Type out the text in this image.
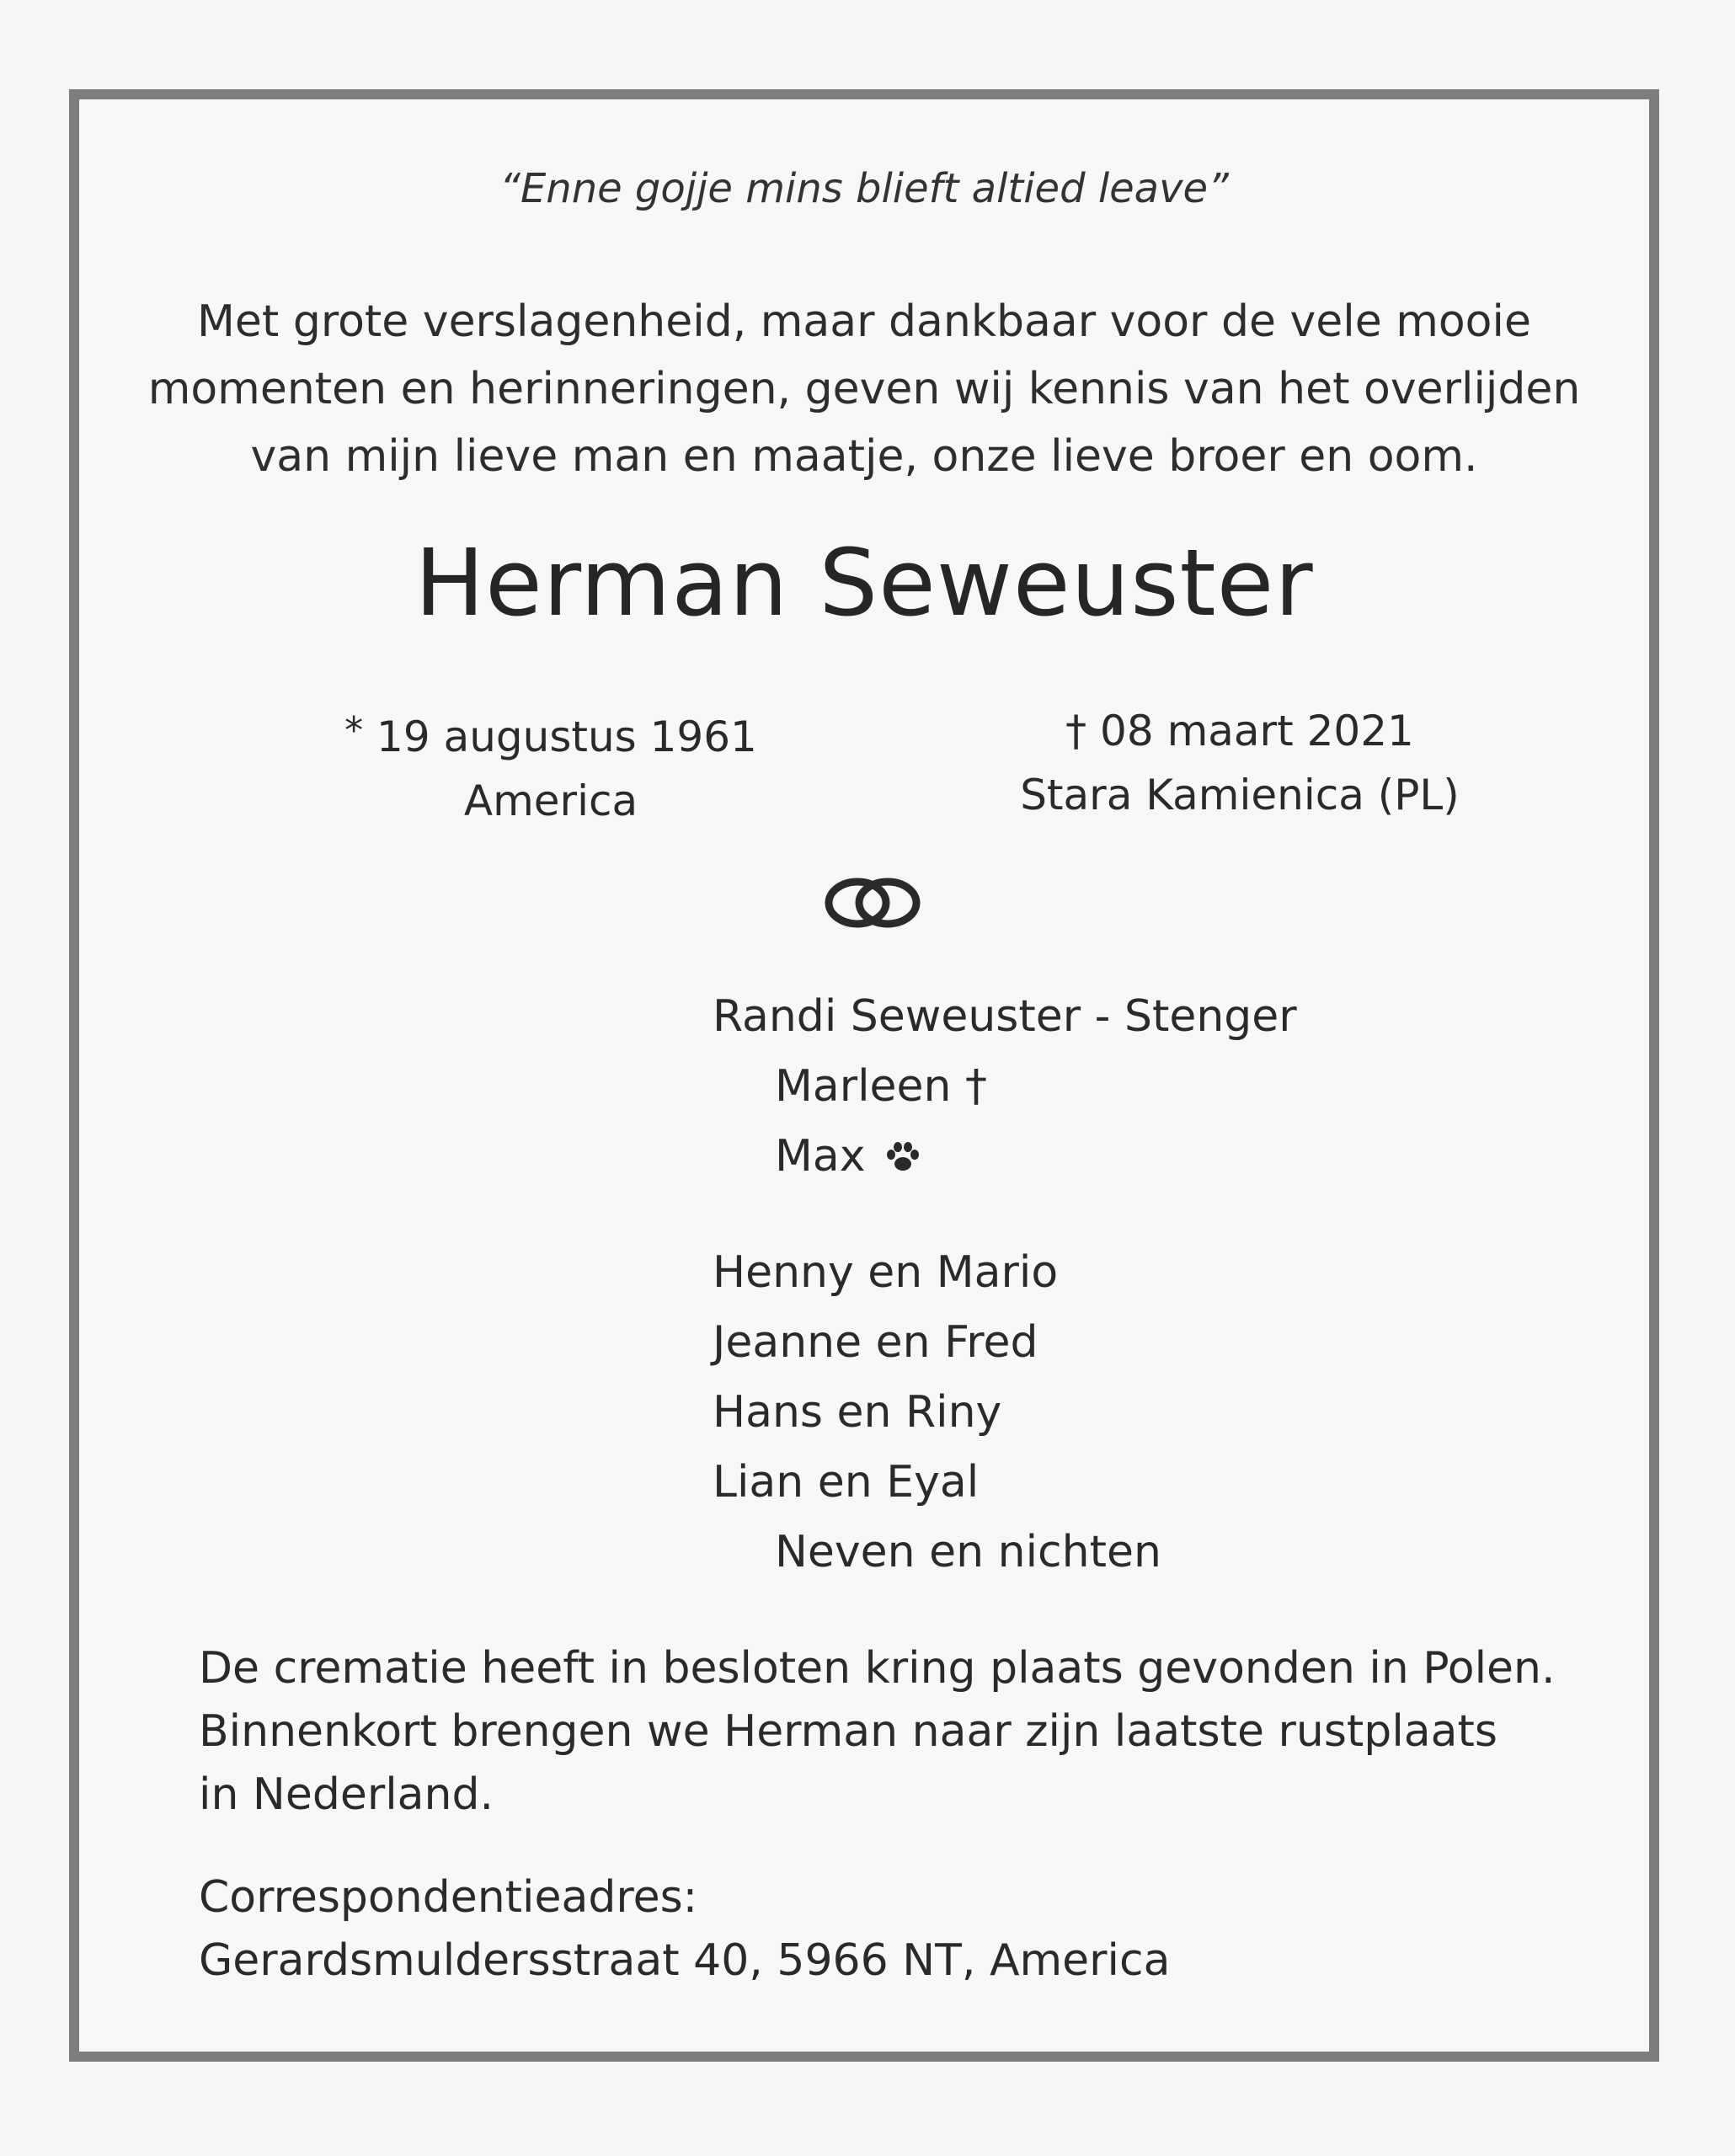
“Enne gojje mins blieft altied leave”
Met grote verslagenheid, maar dankbaar voor de vele mooie
momenten en herinneringen, geven wij kennis van het overlijden
van mijn lieve man en maatje, onze lieve broer en oom.
Herman Seweuster
* 19 augustus 1961
America
† 08 maart 2021
Stara Kamienica (PL)
Randi Seweuster - Stenger
Marleen †
Max
Henny en Mario
Jeanne en Fred
Hans en Riny
Lian en Eyal
Neven en nichten
De crematie heeft in besloten kring plaats gevonden in Polen.
Binnenkort brengen we Herman naar zijn laatste rustplaats
in Nederland.
Correspondentieadres:
Gerardsmuldersstraat 40, 5966 NT, America
